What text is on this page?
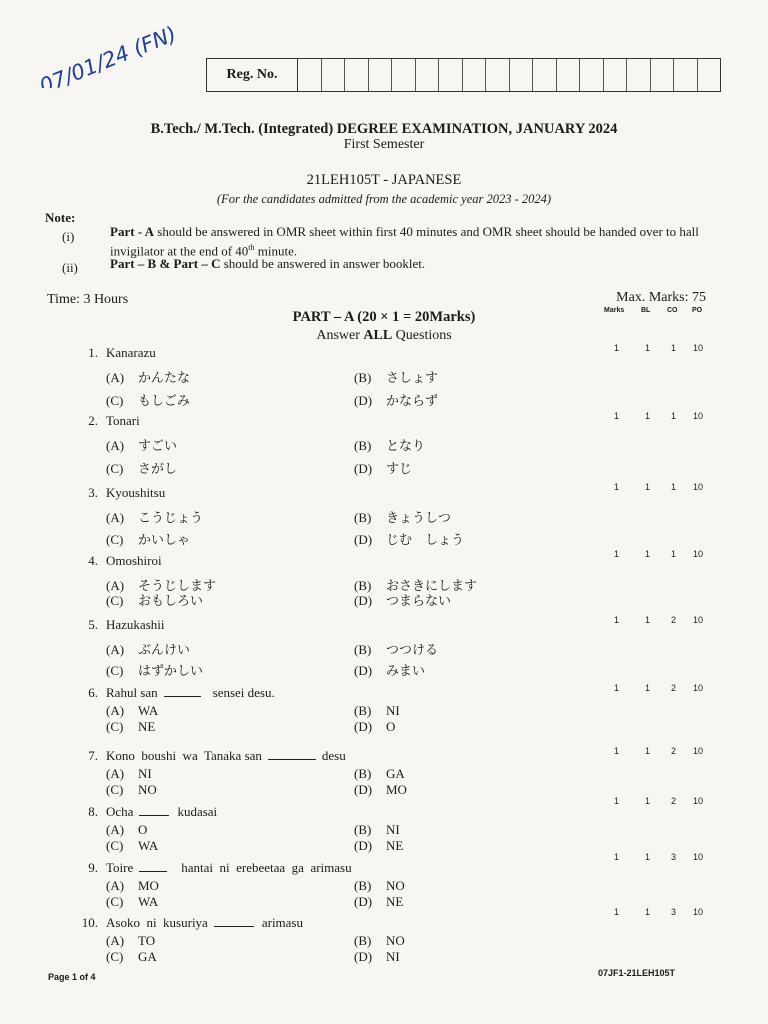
07/01/24 (FN)	Reg. No.
B.Tech./ M.Tech. (Integrated) DEGREE EXAMINATION, JANUARY 2024
First Semester
21LEH105T - JAPANESE
(For the candidates admitted from the academic year 2023 - 2024)
Note:
(i)	Part - A should be answered in OMR sheet within first 40 minutes and OMR sheet should be handed over to hall invigilator at the end of 40th minute.
(ii) Part – B & Part – C should be answered in answer booklet.
Time: 3 Hours	Max. Marks: 75
PART – A (20 × 1 = 20Marks)
Answer ALL Questions
Marks BL CO PO
1. Kanarazu
(A) かんたな	(B) さしょす
(C) もしごみ	(D) かならず
1	1 1 10
2. Tonari
(A) すごい	(B) となり
(C) さがし	(D) すじ
1	1 1 10
3. Kyoushitsu
(A) こうじょう	(B) きょうしつ
(C) かいしゃ	(D) じむ　しょう
1	1 1 10
4. Omoshiroi
(A) そうじします	(B) おさきにします
(C) おもしろい	(D) つまらない
1	1 1 10
5. Hazukashii
(A) ぶんけい	(B) つつける
(C) はずかしい	(D) みまい
1	1 2 10
6. Rahul san	sensei desu.
(A) WA	(B) NI
(C) NE	(D) O
1	1 2 10
7. Kono  boushi  wa  Tanaka san	desu
(A) NI	(B) GA
(C) NO	(D) MO
1	1 2 10
8. Ocha	kudasai
(A) O	(B) NI
(C) WA	(D) NE
1	1 2 10
9. Toire	hantai  ni  erebeetaa  ga  arimasu
(A) MO	(B) NO
(C) WA	(D) NE
1	1 3 10
10. Asoko  ni  kusuriya	arimasu
(A) TO	(B) NO
(C) GA	(D) NI
1	1 3 10
Page 1 of 4	07JF1-21LEH105T
